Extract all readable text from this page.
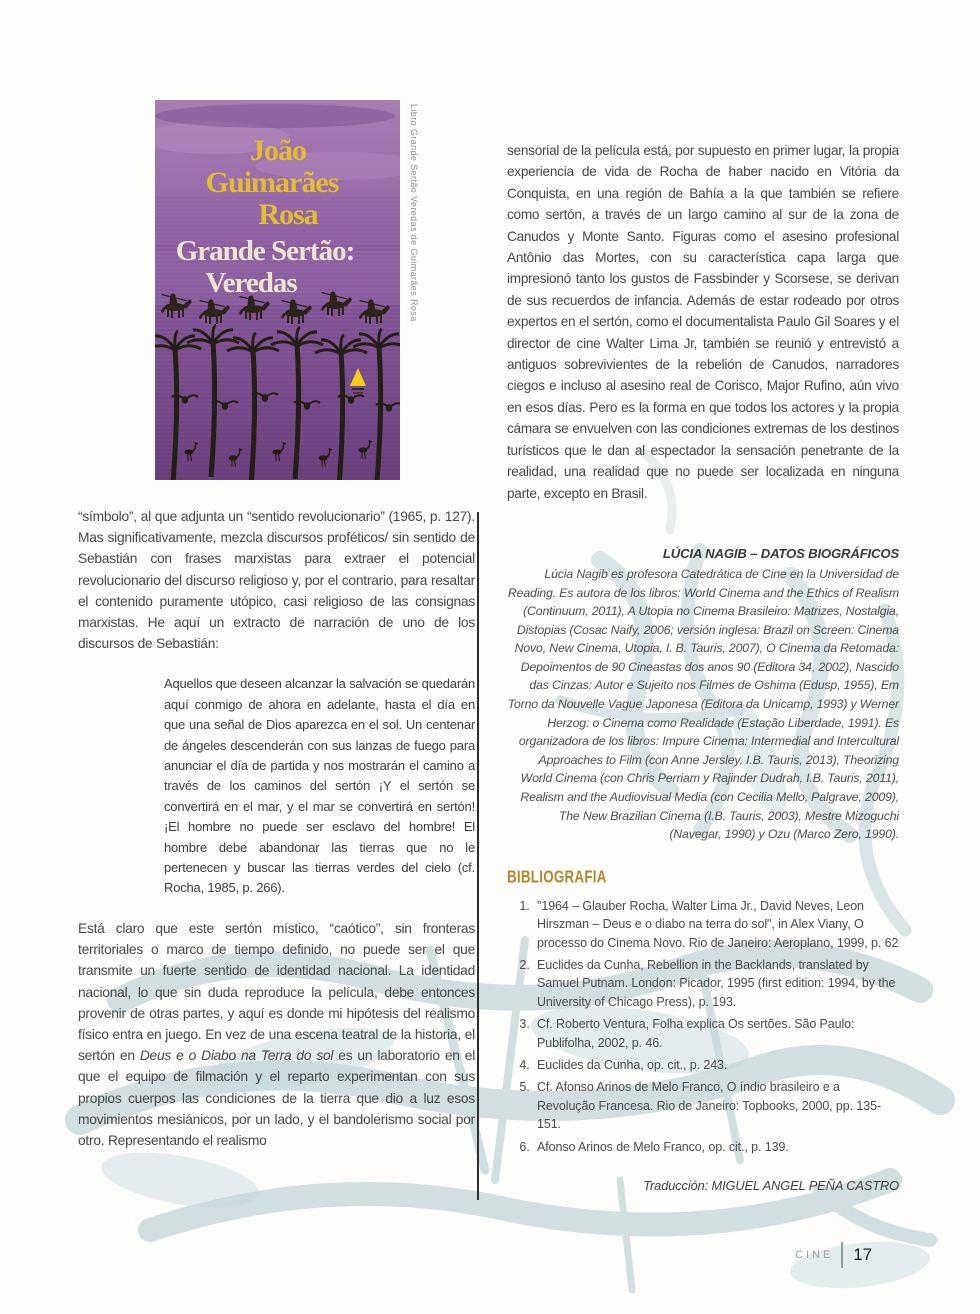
João
Guimarães
Rosa
Grande Sertão:
Veredas	Libro Grande Sertão Veredas de Guimarães Rosa

“símbolo”, al que adjunta un “sentido revolucionario” (1965, p. 127). Mas significativamente, mezcla discursos proféticos/ sin sentido de Sebastián con frases marxistas para extraer el potencial revolucionario del discurso religioso y, por el contrario, para resaltar el contenido puramente utópico, casi religioso de las consignas marxistas. He aquí un extracto de narración de uno de los discursos de Sebastián:

Aquellos que deseen alcanzar la salvación se quedarán aquí conmigo de ahora en adelante, hasta el día en que una señal de Dios aparezca en el sol. Un centenar de ángeles descenderán con sus lanzas de fuego para anunciar el día de partida y nos mostrarán el camino a través de los caminos del sertón ¡Y el sertón se convertirá en el mar, y el mar se convertirá en sertón! ¡El hombre no puede ser esclavo del hombre! El hombre debe abandonar las tierras que no le pertenecen y buscar las tierras verdes del cielo (cf. Rocha, 1985, p. 266).

Está claro que este sertón místico, “caótico”, sin fronteras territoriales o marco de tiempo definido, no puede ser el que transmite un fuerte sentido de identidad nacional. La identidad nacional, lo que sin duda reproduce la película, debe entonces provenir de otras partes, y aquí es donde mi hipótesis del realismo físico entra en juego. En vez de una escena teatral de la historia, el sertón en Deus e o Diabo na Terra do sol es un laboratorio en el que el equipo de filmación y el reparto experimentan con sus propios cuerpos las condiciones de la tierra que dio a luz esos movimientos mesiánicos, por un lado, y el bandolerismo social por otro. Representando el realismo

sensorial de la película está, por supuesto en primer lugar, la propia experiencia de vida de Rocha de haber nacido en Vitória da Conquista, en una región de Bahía a la que también se refiere como sertón, a través de un largo camino al sur de la zona de Canudos y Monte Santo. Figuras como el asesino profesional Antônio das Mortes, con su característica capa larga que impresionó tanto los gustos de Fassbinder y Scorsese, se derivan de sus recuerdos de infancia. Además de estar rodeado por otros expertos en el sertón, como el documentalista Paulo Gil Soares y el director de cine Walter Lima Jr, también se reunió y entrevistó a antiguos sobrevivientes de la rebelión de Canudos, narradores ciegos e incluso al asesino real de Corisco, Major Rufino, aún vivo en esos días. Pero es la forma en que todos los actores y la propia cámara se envuelven con las condiciones extremas de los destinos turísticos que le dan al espectador la sensación penetrante de la realidad, una realidad que no puede ser localizada en ninguna parte, excepto en Brasil.

LÚCIA NAGIB – DATOS BIOGRÁFICOS

Lúcia Nagib es profesora Catedrática de Cine en la Universidad de Reading. Es autora de los libros: World Cinema and the Ethics of Realism (Continuum, 2011), A Utopia no Cinema Brasileiro: Matrizes, Nostalgia, Distopias (Cosac Naify, 2006; versión inglesa: Brazil on Screen: Cinema Novo, New Cinema, Utopia, I. B. Tauris, 2007), O Cinema da Retomada: Depoimentos de 90 Cineastas dos anos 90 (Editora 34, 2002), Nascido das Cinzas: Autor e Sujeito nos Filmes de Oshima (Edusp, 1955), Em Torno da Nouvelle Vague Japonesa (Editora da Unicamp, 1993) y Werner Herzog: o Cinema como Realidade (Estação Liberdade, 1991). Es organizadora de los libros: Impure Cinema: Intermedial and Intercultural Approaches to Film (con Anne Jersley, I.B. Tauris, 2013), Theorizing World Cinema (con Chris Perriam y Rajinder Dudrah, I.B. Tauris, 2011), Realism and the Audiovisual Media (con Cecilia Mello, Palgrave, 2009), The New Brazilian Cinema (I.B. Tauris, 2003), Mestre Mizoguchi (Navegar, 1990) y Ozu (Marco Zero, 1990).

BIBLIOGRAFIA

1. "1964 – Glauber Rocha, Walter Lima Jr., David Neves, Leon Hirszman – Deus e o diabo na terra do sol", in Alex Viany, O processo do Cinema Novo. Rio de Janeiro: Aeroplano, 1999, p. 62
2. Euclides da Cunha, Rebellion in the Backlands, translated by Samuel Putnam. London: Picador, 1995 (first edition: 1994, by the University of Chicago Press), p. 193.
3. Cf. Roberto Ventura, Folha explica Os sertões. São Paulo: Publifolha, 2002, p. 46.
4. Euclides da Cunha, op. cit., p. 243.
5. Cf. Afonso Arinos de Melo Franco, O índio brasileiro e a Revolução Francesa. Rio de Janeiro: Topbooks, 2000, pp. 135-151.
6. Afonso Arinos de Melo Franco, op. cit., p. 139.

Traducción: MIGUEL ANGEL PEÑA CASTRO

CINE 17
